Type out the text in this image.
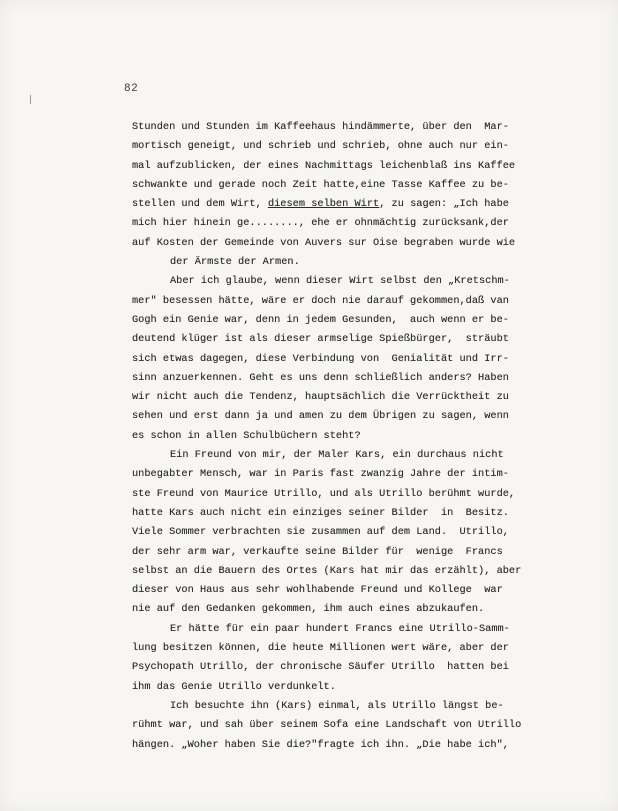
82
Stunden und Stunden im Kaffeehaus hindämmerte, über den  Mar-
mortisch geneigt, und schrieb und schrieb, ohne auch nur ein-
mal aufzublicken, der eines Nachmittags leichenblaß ins Kaffee
schwankte und gerade noch Zeit hatte,eine Tasse Kaffee zu be-
stellen und dem Wirt, diesem selben Wirt, zu sagen: „Ich habe
mich hier hinein ge........, ehe er ohnmächtig zurücksank,der
auf Kosten der Gemeinde von Auvers sur Oise begraben wurde wie
der Ärmste der Armen.
Aber ich glaube, wenn dieser Wirt selbst den „Kretschm-
mer" besessen hätte, wäre er doch nie darauf gekommen,daß van
Gogh ein Genie war, denn in jedem Gesunden,  auch wenn er be-
deutend klüger ist als dieser armselige Spießbürger,  sträubt
sich etwas dagegen, diese Verbindung von  Genialität und Irr-
sinn anzuerkennen. Geht es uns denn schließlich anders? Haben
wir nicht auch die Tendenz, hauptsächlich die Verrücktheit zu
sehen und erst dann ja und amen zu dem Übrigen zu sagen, wenn
es schon in allen Schulbüchern steht?
Ein Freund von mir, der Maler Kars, ein durchaus nicht
unbegabter Mensch, war in Paris fast zwanzig Jahre der intim-
ste Freund von Maurice Utrillo, und als Utrillo berühmt wurde,
hatte Kars auch nicht ein einziges seiner Bilder  in  Besitz.
Viele Sommer verbrachten sie zusammen auf dem Land.  Utrillo,
der sehr arm war, verkaufte seine Bilder für  wenige  Francs
selbst an die Bauern des Ortes (Kars hat mir das erzählt), aber
dieser von Haus aus sehr wohlhabende Freund und Kollege  war
nie auf den Gedanken gekommen, ihm auch eines abzukaufen.
Er hätte für ein paar hundert Francs eine Utrillo-Samm-
lung besitzen können, die heute Millionen wert wäre, aber der
Psychopath Utrillo, der chronische Säufer Utrillo  hatten bei
ihm das Genie Utrillo verdunkelt.
Ich besuchte ihn (Kars) einmal, als Utrillo längst be-
rühmt war, und sah über seinem Sofa eine Landschaft von Utrillo
hängen. „Woher haben Sie die?"fragte ich ihn. „Die habe ich",
